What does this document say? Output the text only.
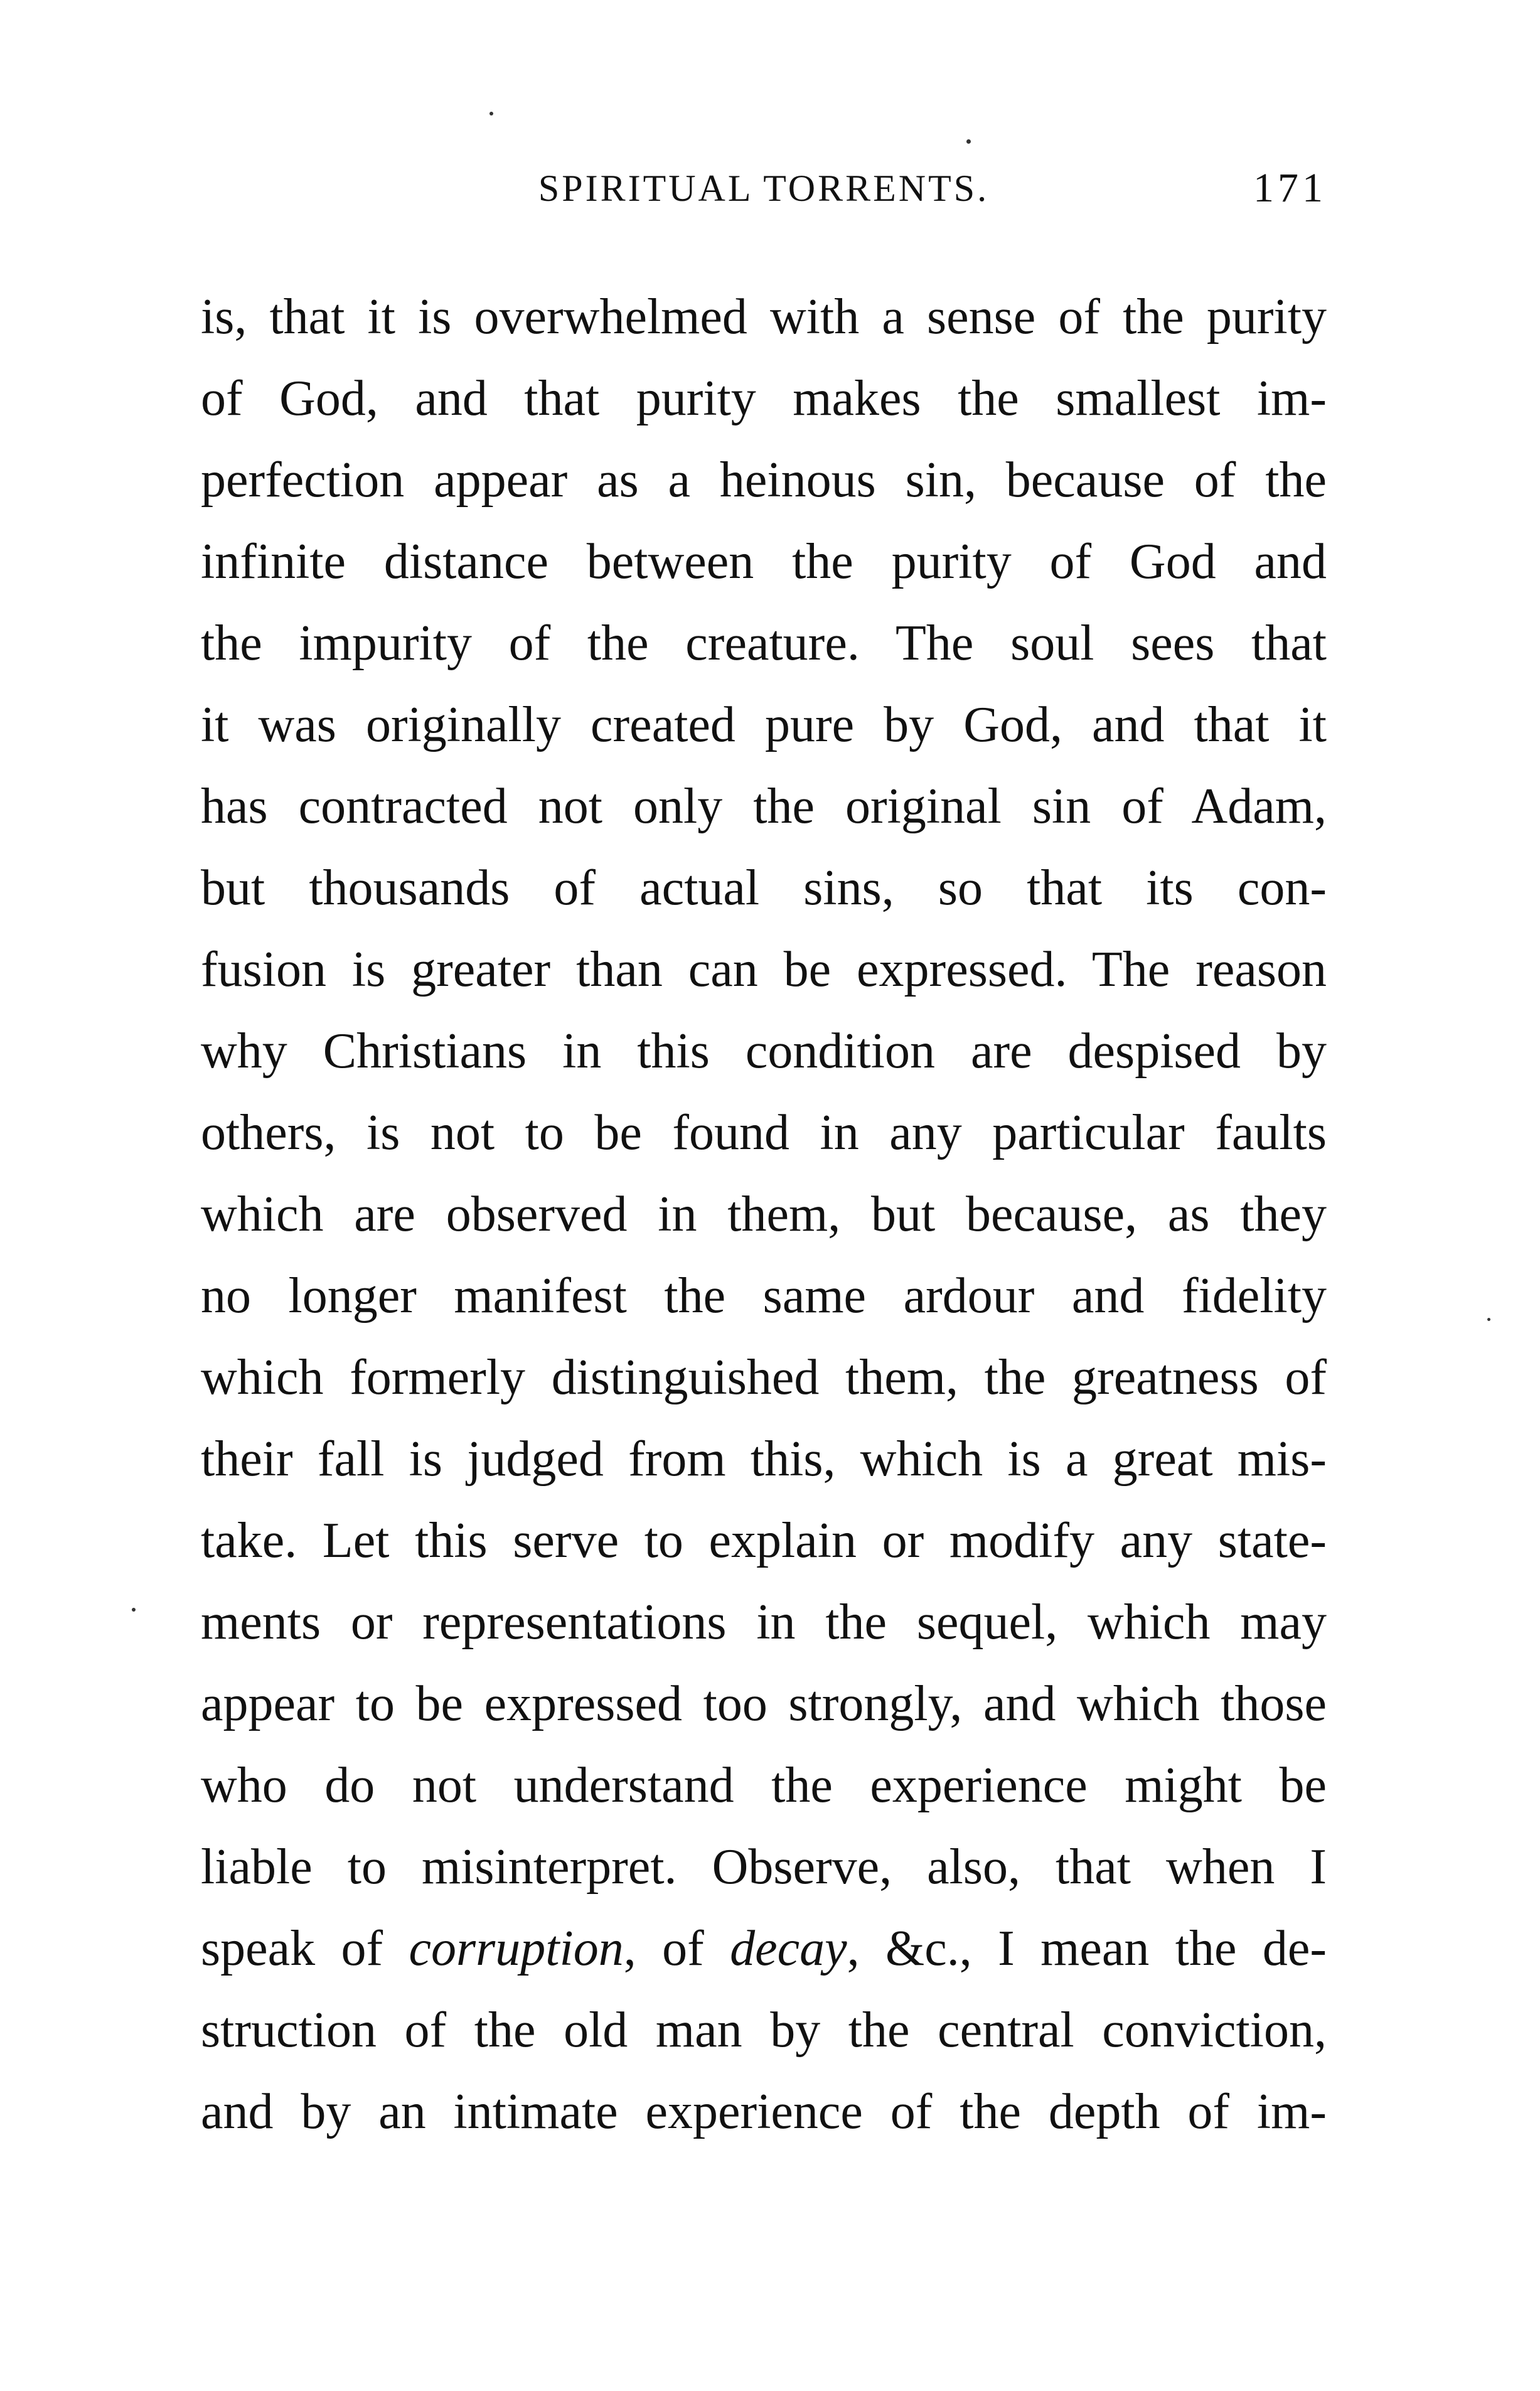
SPIRITUAL TORRENTS.	171
is, that it is overwhelmed with a sense of the purity
of God, and that purity makes the smallest im-
perfection appear as a heinous sin, because of the
infinite distance between the purity of God and
the impurity of the creature. The soul sees that
it was originally created pure by God, and that it
has contracted not only the original sin of Adam,
but thousands of actual sins, so that its con-
fusion is greater than can be expressed. The reason
why Christians in this condition are despised by
others, is not to be found in any particular faults
which are observed in them, but because, as they
no longer manifest the same ardour and fidelity
which formerly distinguished them, the greatness of
their fall is judged from this, which is a great mis-
take. Let this serve to explain or modify any state-
ments or representations in the sequel, which may
appear to be expressed too strongly, and which those
who do not understand the experience might be
liable to misinterpret. Observe, also, that when I
speak of corruption, of decay, &c., I mean the de-
struction of the old man by the central conviction,
and by an intimate experience of the depth of im-
